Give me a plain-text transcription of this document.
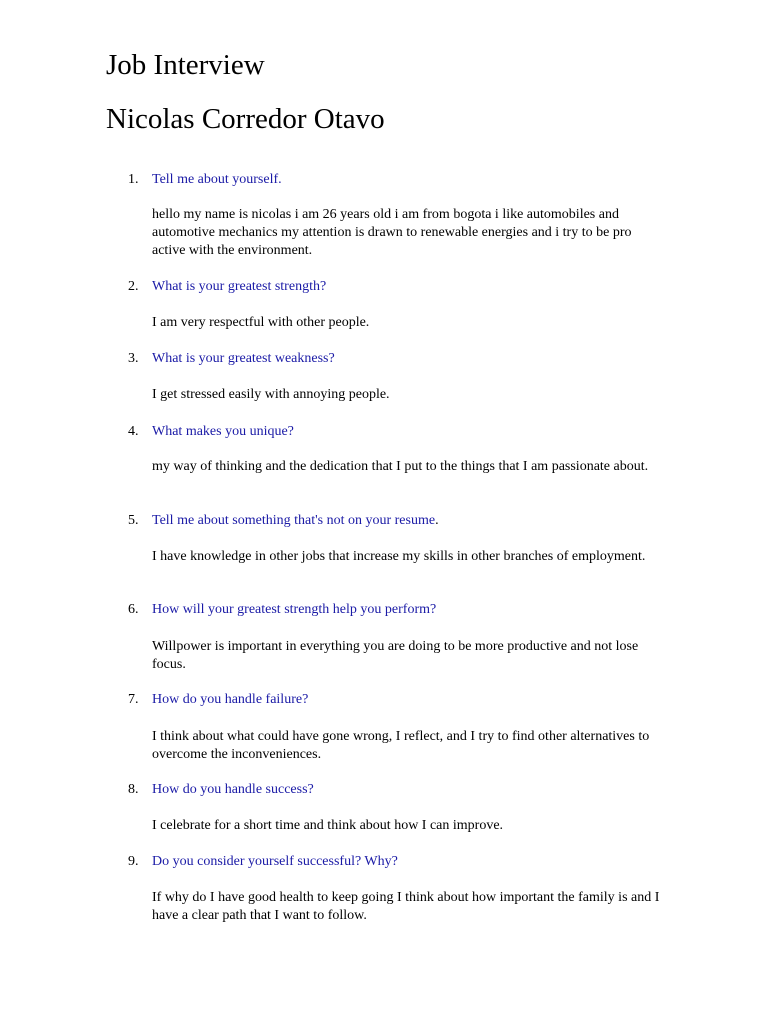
Job Interview
Nicolas Corredor Otavo
1. Tell me about yourself.
hello my name is nicolas i am 26 years old i am from bogota i like automobiles and automotive mechanics my attention is drawn to renewable energies and i try to be pro active with the environment.
2. What is your greatest strength?
I am very respectful with other people.
3. What is your greatest weakness?
I get stressed easily with annoying people.
4. What makes you unique?
my way of thinking and the dedication that I put to the things that I am passionate about.
5. Tell me about something that's not on your resume.
I have knowledge in other jobs that increase my skills in other branches of employment.
6. How will your greatest strength help you perform?
Willpower is important in everything you are doing to be more productive and not lose focus.
7. How do you handle failure?
I think about what could have gone wrong, I reflect, and I try to find other alternatives to overcome the inconveniences.
8. How do you handle success?
I celebrate for a short time and think about how I can improve.
9. Do you consider yourself successful? Why?
If why do I have good health to keep going I think about how important the family is and I have a clear path that I want to follow.
